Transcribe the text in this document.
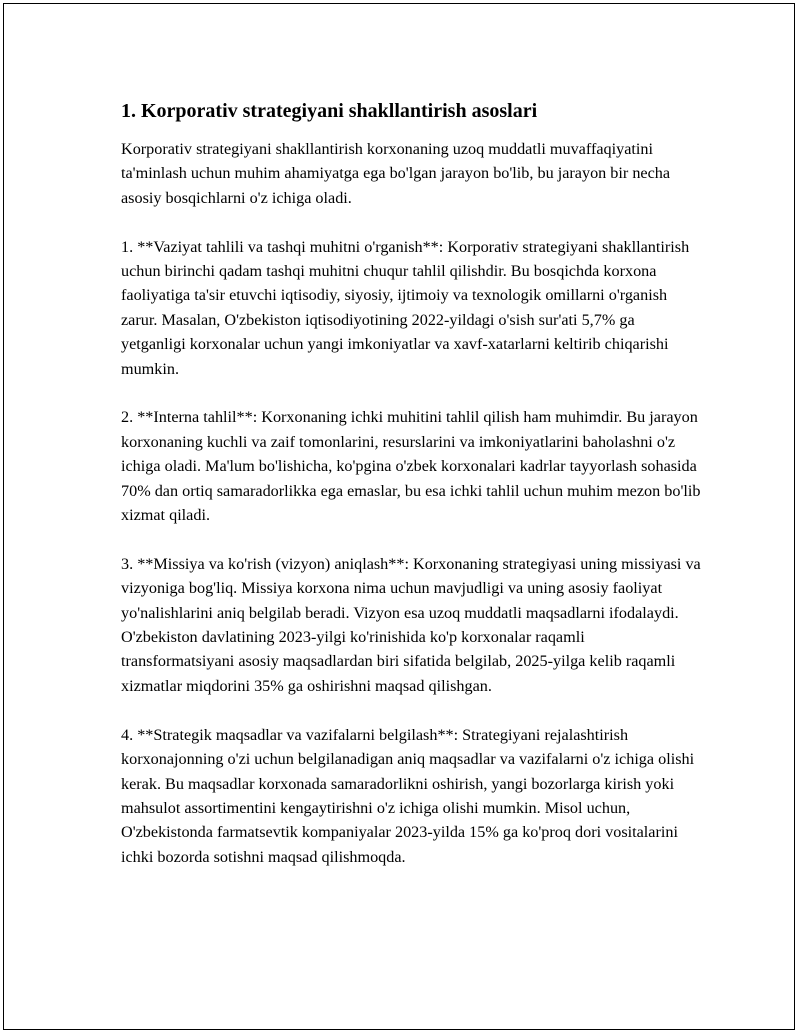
1. Korporativ strategiyani shakllantirish asoslari

Korporativ strategiyani shakllantirish korxonaning uzoq muddatli muvaffaqiyatini ta'minlash uchun muhim ahamiyatga ega bo'lgan jarayon bo'lib, bu jarayon bir necha asosiy bosqichlarni o'z ichiga oladi.

1. **Vaziyat tahlili va tashqi muhitni o'rganish**: Korporativ strategiyani shakllantirish uchun birinchi qadam tashqi muhitni chuqur tahlil qilishdir. Bu bosqichda korxona faoliyatiga ta'sir etuvchi iqtisodiy, siyosiy, ijtimoiy va texnologik omillarni o'rganish zarur. Masalan, O'zbekiston iqtisodiyotining 2022-yildagi o'sish sur'ati 5,7% ga yetganligi korxonalar uchun yangi imkoniyatlar va xavf-xatarlarni keltirib chiqarishi mumkin.

2. **Interna tahlil**: Korxonaning ichki muhitini tahlil qilish ham muhimdir. Bu jarayon korxonaning kuchli va zaif tomonlarini, resurslarini va imkoniyatlarini baholashni o'z ichiga oladi. Ma'lum bo'lishicha, ko'pgina o'zbek korxonalari kadrlar tayyorlash sohasida 70% dan ortiq samaradorlikka ega emaslar, bu esa ichki tahlil uchun muhim mezon bo'lib xizmat qiladi.

3. **Missiya va ko'rish (vizyon) aniqlash**: Korxonaning strategiyasi uning missiyasi va vizyoniga bog'liq. Missiya korxona nima uchun mavjudligi va uning asosiy faoliyat yo'nalishlarini aniq belgilab beradi. Vizyon esa uzoq muddatli maqsadlarni ifodalaydi. O'zbekiston davlatining 2023-yilgi ko'rinishida ko'p korxonalar raqamli transformatsiyani asosiy maqsadlardan biri sifatida belgilab, 2025-yilga kelib raqamli xizmatlar miqdorini 35% ga oshirishni maqsad qilishgan.

4. **Strategik maqsadlar va vazifalarni belgilash**: Strategiyani rejalashtirish korxonajonning o'zi uchun belgilanadigan aniq maqsadlar va vazifalarni o'z ichiga olishi kerak. Bu maqsadlar korxonada samaradorlikni oshirish, yangi bozorlarga kirish yoki mahsulot assortimentini kengaytirishni o'z ichiga olishi mumkin. Misol uchun, O'zbekistonda farmatsevtik kompaniyalar 2023-yilda 15% ga ko'proq dori vositalarini ichki bozorda sotishni maqsad qilishmoqda.
